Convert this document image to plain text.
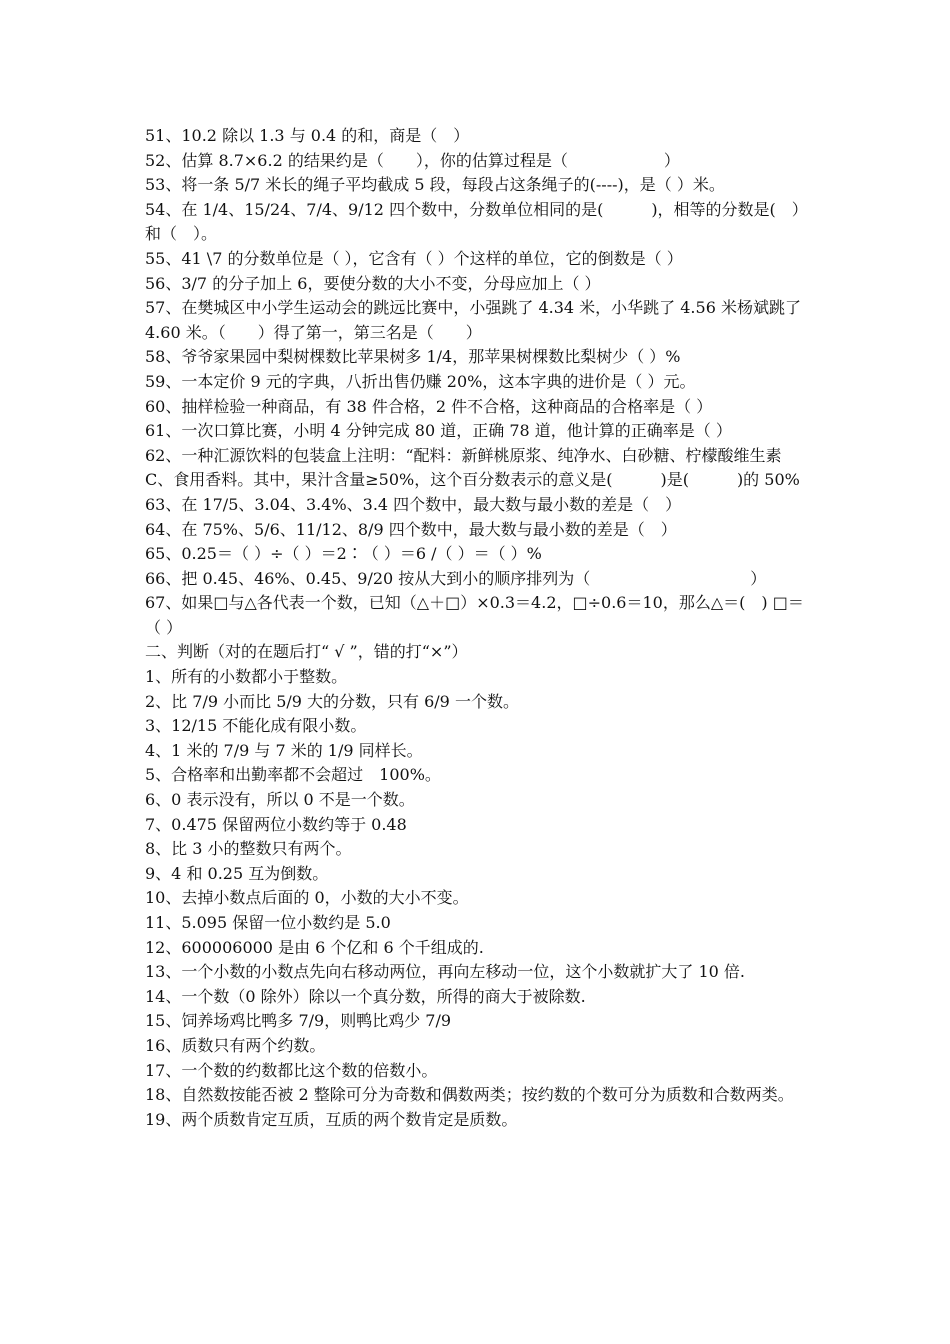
51、10.2 除以 1.3 与 0.4 的和，商是（　）
52、估算 8.7×6.2 的结果约是（　　），你的估算过程是（　　　　　　）
53、将一条 5/7 米长的绳子平均截成 5 段，每段占这条绳子的(----)，是（ ）米。
54、在 1/4、15/24、7/4、9/12 四个数中，分数单位相同的是(　　　)，相等的分数是(　）和（　）。
55、41 \7 的分数单位是（ ），它含有（ ）个这样的单位，它的倒数是（ ）
56、3/7 的分子加上 6，要使分数的大小不变，分母应加上（ ）
57、在樊城区中小学生运动会的跳远比赛中，小强跳了 4.34 米，小华跳了 4.56 米杨斌跳了 4.60 米。（　　）得了第一，第三名是（　　）
58、爷爷家果园中梨树棵数比苹果树多 1/4，那苹果树棵数比梨树少（ ）%
59、一本定价 9 元的字典，八折出售仍赚 20%，这本字典的进价是（ ）元。
60、抽样检验一种商品，有 38 件合格，2 件不合格，这种商品的合格率是（ ）
61、一次口算比赛，小明 4 分钟完成 80 道，正确 78 道，他计算的正确率是（ ）
62、一种汇源饮料的包装盒上注明：“配料：新鲜桃原浆、纯净水、白砂糖、柠檬酸维生素 C、食用香料。其中，果汁含量≥50%，这个百分数表示的意义是(　　　)是(　　　)的 50%
63、在 17/5、3.04、3.4%、3.4 四个数中，最大数与最小数的差是（　）
64、在 75%、5/6、11/12、8/9 四个数中，最大数与最小数的差是（　）
65、0.25＝（ ）÷（ ）＝2∶（ ）＝6 /（ ）＝（ ）%
66、把 0.45、46%、0.45、9/20 按从大到小的顺序排列为（　　　　　　　　　　）
67、如果□与△各代表一个数，已知（△＋□）×0.3＝4.2，□÷0.6＝10，那么△＝(　) □＝（ ）
二、判断（对的在题后打“ √ ”，错的打“×”）
1、所有的小数都小于整数。
2、比 7/9 小而比 5/9 大的分数，只有 6/9 一个数。
3、12/15 不能化成有限小数。
4、1 米的 7/9 与 7 米的 1/9 同样长。
5、合格率和出勤率都不会超过　100%。
6、0 表示没有，所以 0 不是一个数。
7、0.475 保留两位小数约等于 0.48
8、比 3 小的整数只有两个。
9、4 和 0.25 互为倒数。
10、去掉小数点后面的 0，小数的大小不变。
11、5.095 保留一位小数约是 5.0
12、600006000 是由 6 个亿和 6 个千组成的.
13、一个小数的小数点先向右移动两位，再向左移动一位，这个小数就扩大了 10 倍.
14、一个数（0 除外）除以一个真分数，所得的商大于被除数.
15、饲养场鸡比鸭多 7/9，则鸭比鸡少 7/9
16、质数只有两个约数。
17、一个数的约数都比这个数的倍数小。
18、自然数按能否被 2 整除可分为奇数和偶数两类；按约数的个数可分为质数和合数两类。
19、两个质数肯定互质，互质的两个数肯定是质数。
